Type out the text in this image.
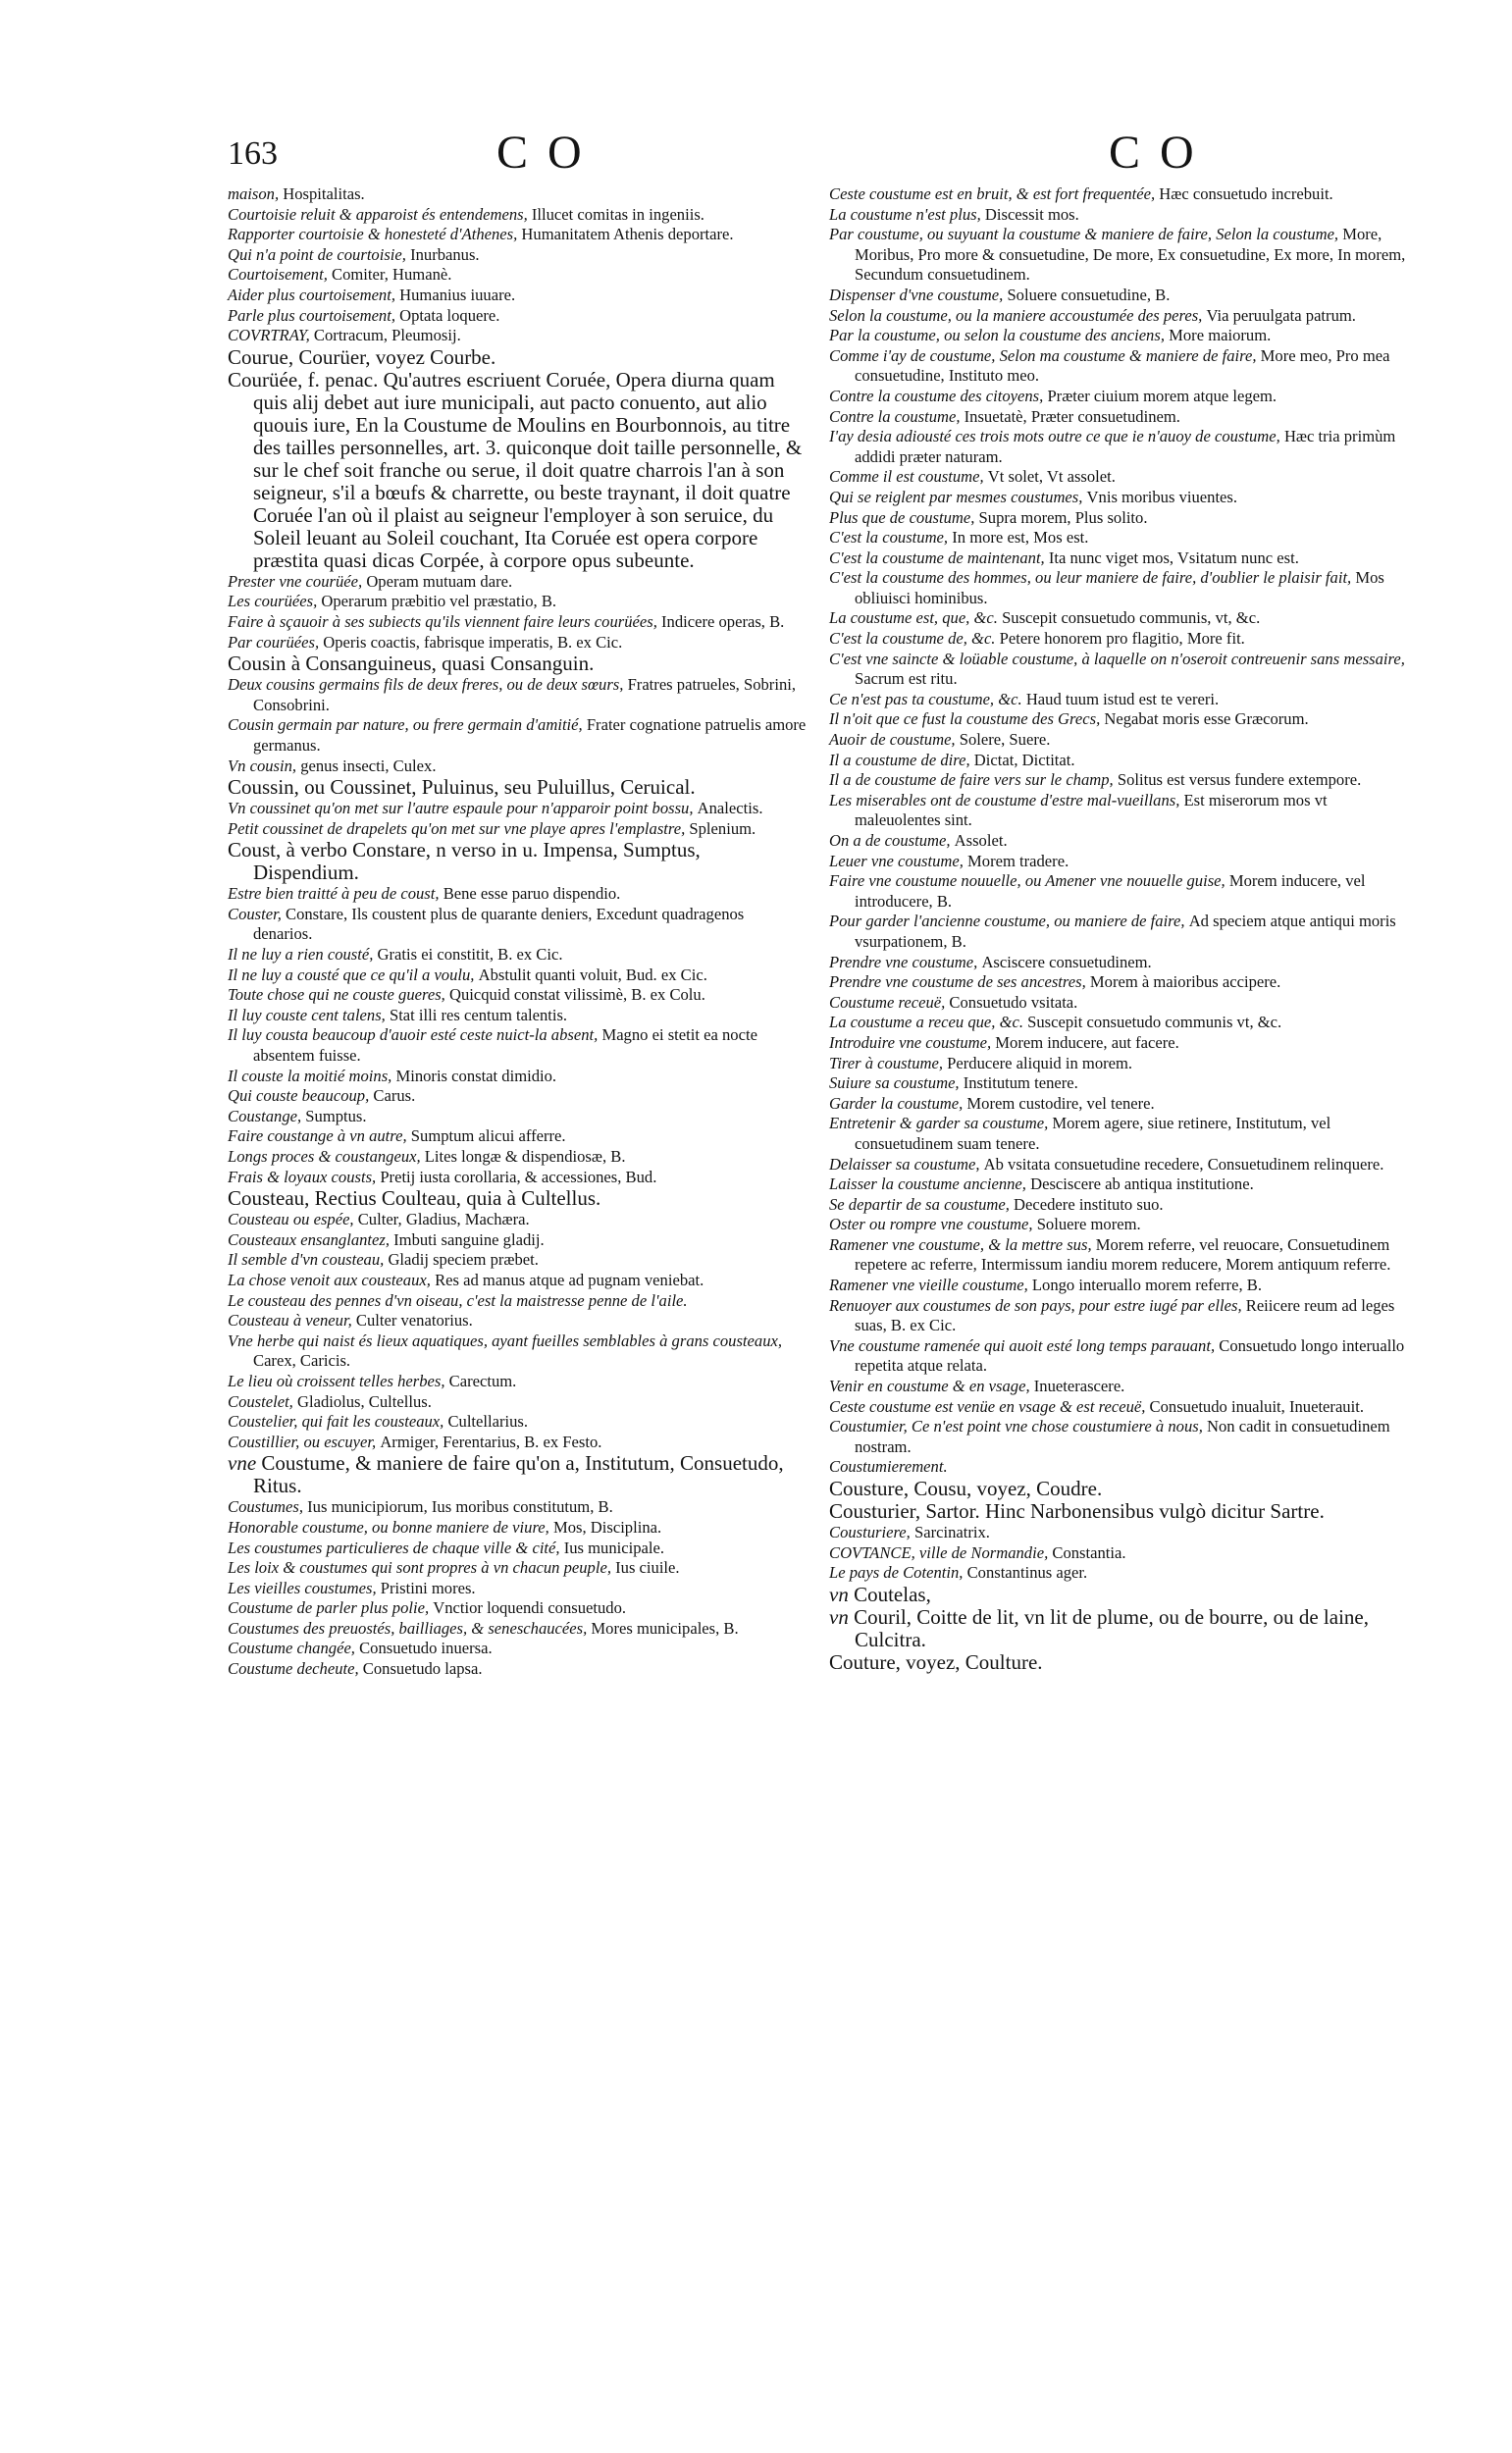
163	C O	C O

maison, Hospitalitas.

Courtoisie reluit & apparoist és entendemens, Illucet comitas in ingeniis.

Rapporter courtoisie & honesteté d'Athenes, Humanitatem Athenis deportare.

Qui n'a point de courtoisie, Inurbanus.

Courtoisement, Comiter, Humanè.

Aider plus courtoisement, Humanius iuuare.

Parle plus courtoisement, Optata loquere.

COVRTRAY, Cortracum, Pleumosij.

Courue, Courüer, voyez Courbe.

Courüée, f. penac. Qu'autres escriuent Coruée, Opera diurna quam quis alij debet aut iure municipali, aut pacto conuento, aut alio quouis iure, En la Coustume de Moulins en Bourbonnois, au titre des tailles personnelles, art. 3. quiconque doit taille personnelle, & sur le chef soit franche ou serue, il doit quatre charrois l'an à son seigneur, s'il a bœufs & charrette, ou beste traynant, il doit quatre Coruée l'an où il plaist au seigneur l'employer à son seruice, du Soleil leuant au Soleil couchant, Ita Coruée est opera corpore præstita quasi dicas Corpée, à corpore opus subeunte.

Prester vne courüée, Operam mutuam dare.

Les courüées, Operarum præbitio vel præstatio, B.

Faire à sçauoir à ses subiects qu'ils viennent faire leurs courüées, Indicere operas, B.

Par courüées, Operis coactis, fabrisque imperatis, B. ex Cic.

Cousin à Consanguineus, quasi Consanguin.

Deux cousins germains fils de deux freres, ou de deux sœurs, Fratres patrueles, Sobrini, Consobrini.

Cousin germain par nature, ou frere germain d'amitié, Frater cognatione patruelis amore germanus.

Vn cousin, genus insecti, Culex.

Coussin, ou Coussinet, Puluinus, seu Puluillus, Ceruical.

Vn coussinet qu'on met sur l'autre espaule pour n'apparoir point bossu, Analectis.

Petit coussinet de drapelets qu'on met sur vne playe apres l'emplastre, Splenium.

Coust, à verbo Constare, n verso in u. Impensa, Sumptus, Dispendium.

Estre bien traitté à peu de coust, Bene esse paruo dispendio.

Couster, Constare, Ils coustent plus de quarante deniers, Excedunt quadragenos denarios.

Il ne luy a rien cousté, Gratis ei constitit, B. ex Cic.

Il ne luy a cousté que ce qu'il a voulu, Abstulit quanti voluit, Bud. ex Cic.

Toute chose qui ne couste gueres, Quicquid constat vilissimè, B. ex Colu.

Il luy couste cent talens, Stat illi res centum talentis.

Il luy cousta beaucoup d'auoir esté ceste nuict-la absent, Magno ei stetit ea nocte absentem fuisse.

Il couste la moitié moins, Minoris constat dimidio.

Qui couste beaucoup, Carus.

Coustange, Sumptus.

Faire coustange à vn autre, Sumptum alicui afferre.

Longs proces & coustangeux, Lites longæ & dispendiosæ, B.

Frais & loyaux cousts, Pretij iusta corollaria, & accessiones, Bud.

Cousteau, Rectius Coulteau, quia à Cultellus.

Cousteau ou espée, Culter, Gladius, Machæra.

Cousteaux ensanglantez, Imbuti sanguine gladij.

Il semble d'vn cousteau, Gladij speciem præbet.

La chose venoit aux cousteaux, Res ad manus atque ad pugnam veniebat.

Le cousteau des pennes d'vn oiseau, c'est la maistresse penne de l'aile.

Cousteau à veneur, Culter venatorius.

Vne herbe qui naist és lieux aquatiques, ayant fueilles semblables à grans cousteaux, Carex, Caricis.

Le lieu où croissent telles herbes, Carectum.

Coustelet, Gladiolus, Cultellus.

Coustelier, qui fait les cousteaux, Cultellarius.

Coustillier, ou escuyer, Armiger, Ferentarius, B. ex Festo.

vne Coustume, & maniere de faire qu'on a, Institutum, Consuetudo, Ritus.

Coustumes, Ius municipiorum, Ius moribus constitutum, B.

Honorable coustume, ou bonne maniere de viure, Mos, Disciplina.

Les coustumes particulieres de chaque ville & cité, Ius municipale.

Les loix & coustumes qui sont propres à vn chacun peuple, Ius ciuile.

Les vieilles coustumes, Pristini mores.

Coustume de parler plus polie, Vnctior loquendi consuetudo.

Coustumes des preuostés, bailliages, & seneschaucées, Mores municipales, B.

Coustume changée, Consuetudo inuersa.

Coustume decheute, Consuetudo lapsa.

Ceste coustume est en bruit, & est fort frequentée, Hæc consuetudo increbuit.

La coustume n'est plus, Discessit mos.

Par coustume, ou suyuant la coustume & maniere de faire, Selon la coustume, More, Moribus, Pro more & consuetudine, De more, Ex consuetudine, Ex more, In morem, Secundum consuetudinem.

Dispenser d'vne coustume, Soluere consuetudine, B.

Selon la coustume, ou la maniere accoustumée des peres, Via peruulgata patrum.

Par la coustume, ou selon la coustume des anciens, More maiorum.

Comme i'ay de coustume, Selon ma coustume & maniere de faire, More meo, Pro mea consuetudine, Instituto meo.

Contre la coustume des citoyens, Præter ciuium morem atque legem.

Contre la coustume, Insuetatè, Præter consuetudinem.

I'ay desia adiousté ces trois mots outre ce que ie n'auoy de coustume, Hæc tria primùm addidi præter naturam.

Comme il est coustume, Vt solet, Vt assolet.

Qui se reiglent par mesmes coustumes, Vnis moribus viuentes.

Plus que de coustume, Supra morem, Plus solito.

C'est la coustume, In more est, Mos est.

C'est la coustume de maintenant, Ita nunc viget mos, Vsitatum nunc est.

C'est la coustume des hommes, ou leur maniere de faire, d'oublier le plaisir fait, Mos obliuisci hominibus.

La coustume est, que, &c. Suscepit consuetudo communis, vt, &c.

C'est la coustume de, &c. Petere honorem pro flagitio, More fit.

C'est vne saincte & loüable coustume, à laquelle on n'oseroit contreuenir sans messaire, Sacrum est ritu.

Ce n'est pas ta coustume, &c. Haud tuum istud est te vereri.

Il n'oit que ce fust la coustume des Grecs, Negabat moris esse Græcorum.

Auoir de coustume, Solere, Suere.

Il a coustume de dire, Dictat, Dictitat.

Il a de coustume de faire vers sur le champ, Solitus est versus fundere extempore.

Les miserables ont de coustume d'estre mal-vueillans, Est miserorum mos vt maleuolentes sint.

On a de coustume, Assolet.

Leuer vne coustume, Morem tradere.

Faire vne coustume nouuelle, ou Amener vne nouuelle guise, Morem inducere, vel introducere, B.

Pour garder l'ancienne coustume, ou maniere de faire, Ad speciem atque antiqui moris vsurpationem, B.

Prendre vne coustume, Asciscere consuetudinem.

Prendre vne coustume de ses ancestres, Morem à maioribus accipere.

Coustume receuë, Consuetudo vsitata.

La coustume a receu que, &c. Suscepit consuetudo communis vt, &c.

Introduire vne coustume, Morem inducere, aut facere.

Tirer à coustume, Perducere aliquid in morem.

Suiure sa coustume, Institutum tenere.

Garder la coustume, Morem custodire, vel tenere.

Entretenir & garder sa coustume, Morem agere, siue retinere, Institutum, vel consuetudinem suam tenere.

Delaisser sa coustume, Ab vsitata consuetudine recedere, Consuetudinem relinquere.

Laisser la coustume ancienne, Desciscere ab antiqua institutione.

Se departir de sa coustume, Decedere instituto suo.

Oster ou rompre vne coustume, Soluere morem.

Ramener vne coustume, & la mettre sus, Morem referre, vel reuocare, Consuetudinem repetere ac referre, Intermissum iandiu morem reducere, Morem antiquum referre.

Ramener vne vieille coustume, Longo interuallo morem referre, B.

Renuoyer aux coustumes de son pays, pour estre iugé par elles, Reiicere reum ad leges suas, B. ex Cic.

Vne coustume ramenée qui auoit esté long temps parauant, Consuetudo longo interuallo repetita atque relata.

Venir en coustume & en vsage, Inueterascere.

Ceste coustume est venüe en vsage & est receuë, Consuetudo inualuit, Inueterauit.

Coustumier, Ce n'est point vne chose coustumiere à nous, Non cadit in consuetudinem nostram.

Coustumierement.

Cousture, Cousu, voyez, Coudre.

Cousturier, Sartor. Hinc Narbonensibus vulgò dicitur Sartre.

Cousturiere, Sarcinatrix.

COVTANCE, ville de Normandie, Constantia.

Le pays de Cotentin, Constantinus ager.

vn Coutelas,

vn Couril, Coitte de lit, vn lit de plume, ou de bourre, ou de laine, Culcitra.

Couture, voyez, Coulture.
